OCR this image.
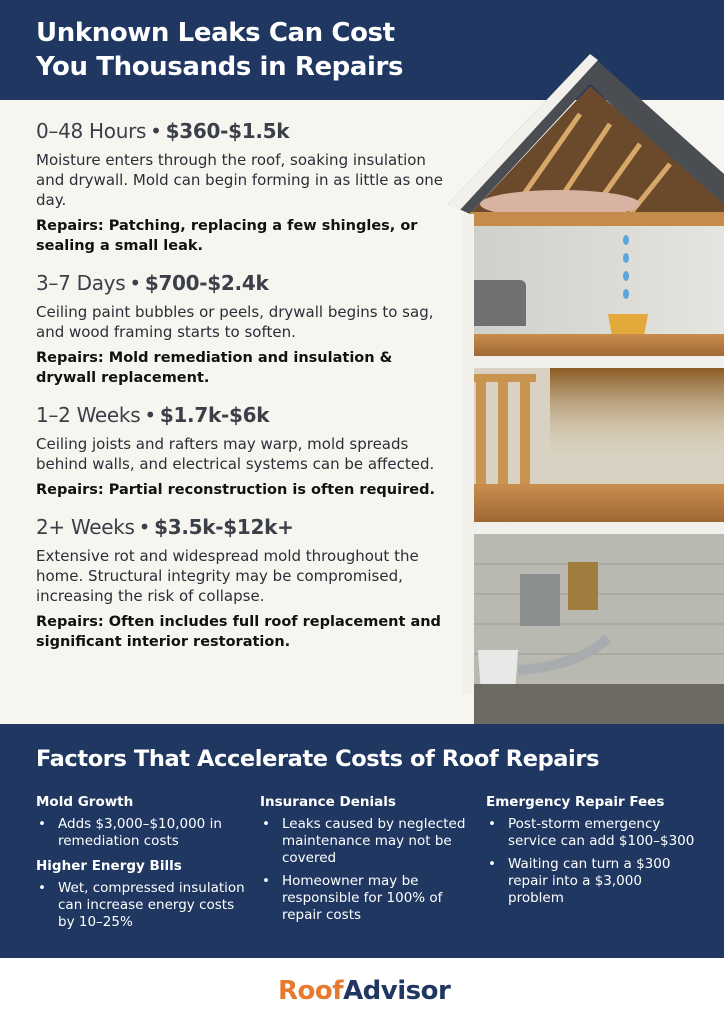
Unknown Leaks Can Cost
You Thousands in Repairs

0–48 Hours • $360-$1.5k

Moisture enters through the roof, soaking insulation and drywall. Mold can begin forming in as little as one day.

Repairs: Patching, replacing a few shingles, or sealing a small leak.

3–7 Days • $700-$2.4k

Ceiling paint bubbles or peels, drywall begins to sag, and wood framing starts to soften.

Repairs: Mold remediation and insulation & drywall replacement.

1–2 Weeks • $1.7k-$6k

Ceiling joists and rafters may warp, mold spreads behind walls, and electrical systems can be affected.

Repairs: Partial reconstruction is often required.

2+ Weeks • $3.5k-$12k+

Extensive rot and widespread mold throughout the home. Structural integrity may be compromised, increasing the risk of collapse.

Repairs: Often includes full roof replacement and significant interior restoration.

Factors That Accelerate Costs of Roof Repairs
Mold Growth
• Adds $3,000–$10,000 in remediation costs
Higher Energy Bills
• Wet, compressed insulation can increase energy costs by 10–25%
Insurance Denials
• Leaks caused by neglected maintenance may not be covered
• Homeowner may be responsible for 100% of repair costs
Emergency Repair Fees
• Post-storm emergency service can add $100–$300
• Waiting can turn a $300 repair into a $3,000 problem
RoofAdvisor
